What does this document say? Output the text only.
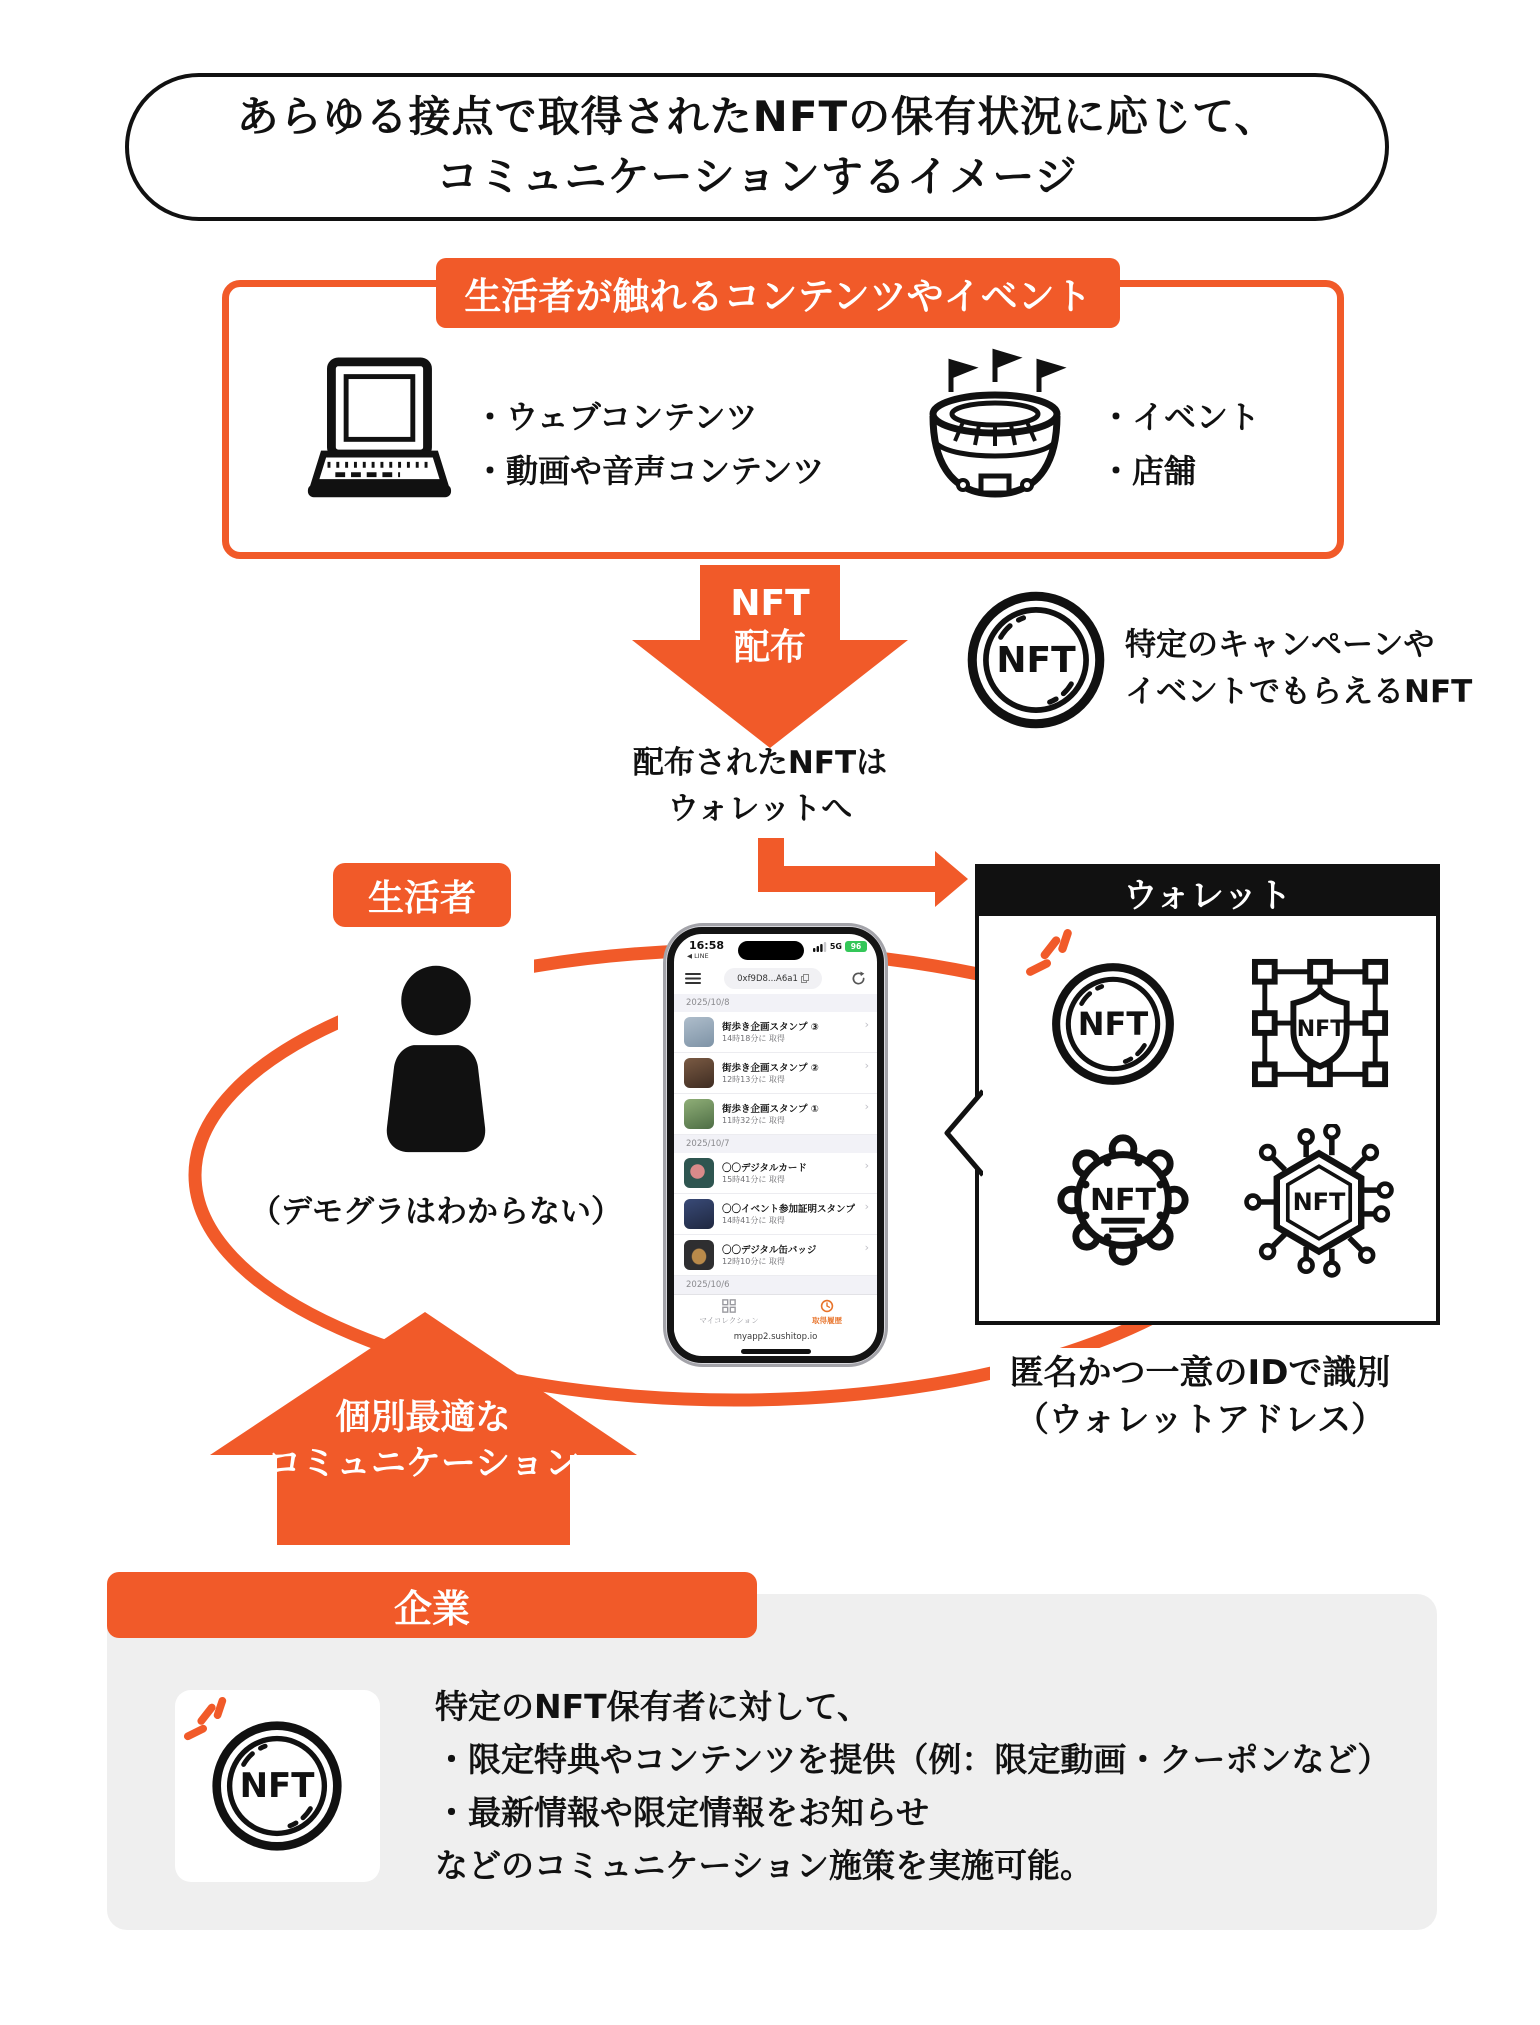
あらゆる接点で取得されたNFTの保有状況に応じて、
コミュニケーションするイメージ
生活者が触れるコンテンツやイベント
・ウェブコンテンツ
・動画や音声コンテンツ
・イベント
・店舗
NFT
配布	NFT	特定のキャンペーンや
イベントでもらえるNFT
配布されたNFTは
ウォレットへ
生活者
（デモグラはわからない）
16:58
◀ LINE
5G	96
0xf9D8...A6a1
2025/10/8
街歩き企画スタンプ ③
14時18分に 取得
›
街歩き企画スタンプ ②
12時13分に 取得
›
街歩き企画スタンプ ①
11時32分に 取得
›
2025/10/7
〇〇デジタルカード
15時41分に 取得
›
〇〇イベント参加証明スタンプ
14時41分に 取得
›
〇〇デジタル缶バッジ
12時10分に 取得
›
2025/10/6
マイコレクション	取得履歴
myapp2.sushitop.io
ウォレット
NFT	NFT
NFT	NFT
匿名かつ一意のIDで識別
（ウォレットアドレス）
個別最適な
コミュニケーション
NFT
特定のNFT保有者に対して、
・限定特典やコンテンツを提供（例：限定動画・クーポンなど）
・最新情報や限定情報をお知らせ
などのコミュニケーション施策を実施可能。
企業
